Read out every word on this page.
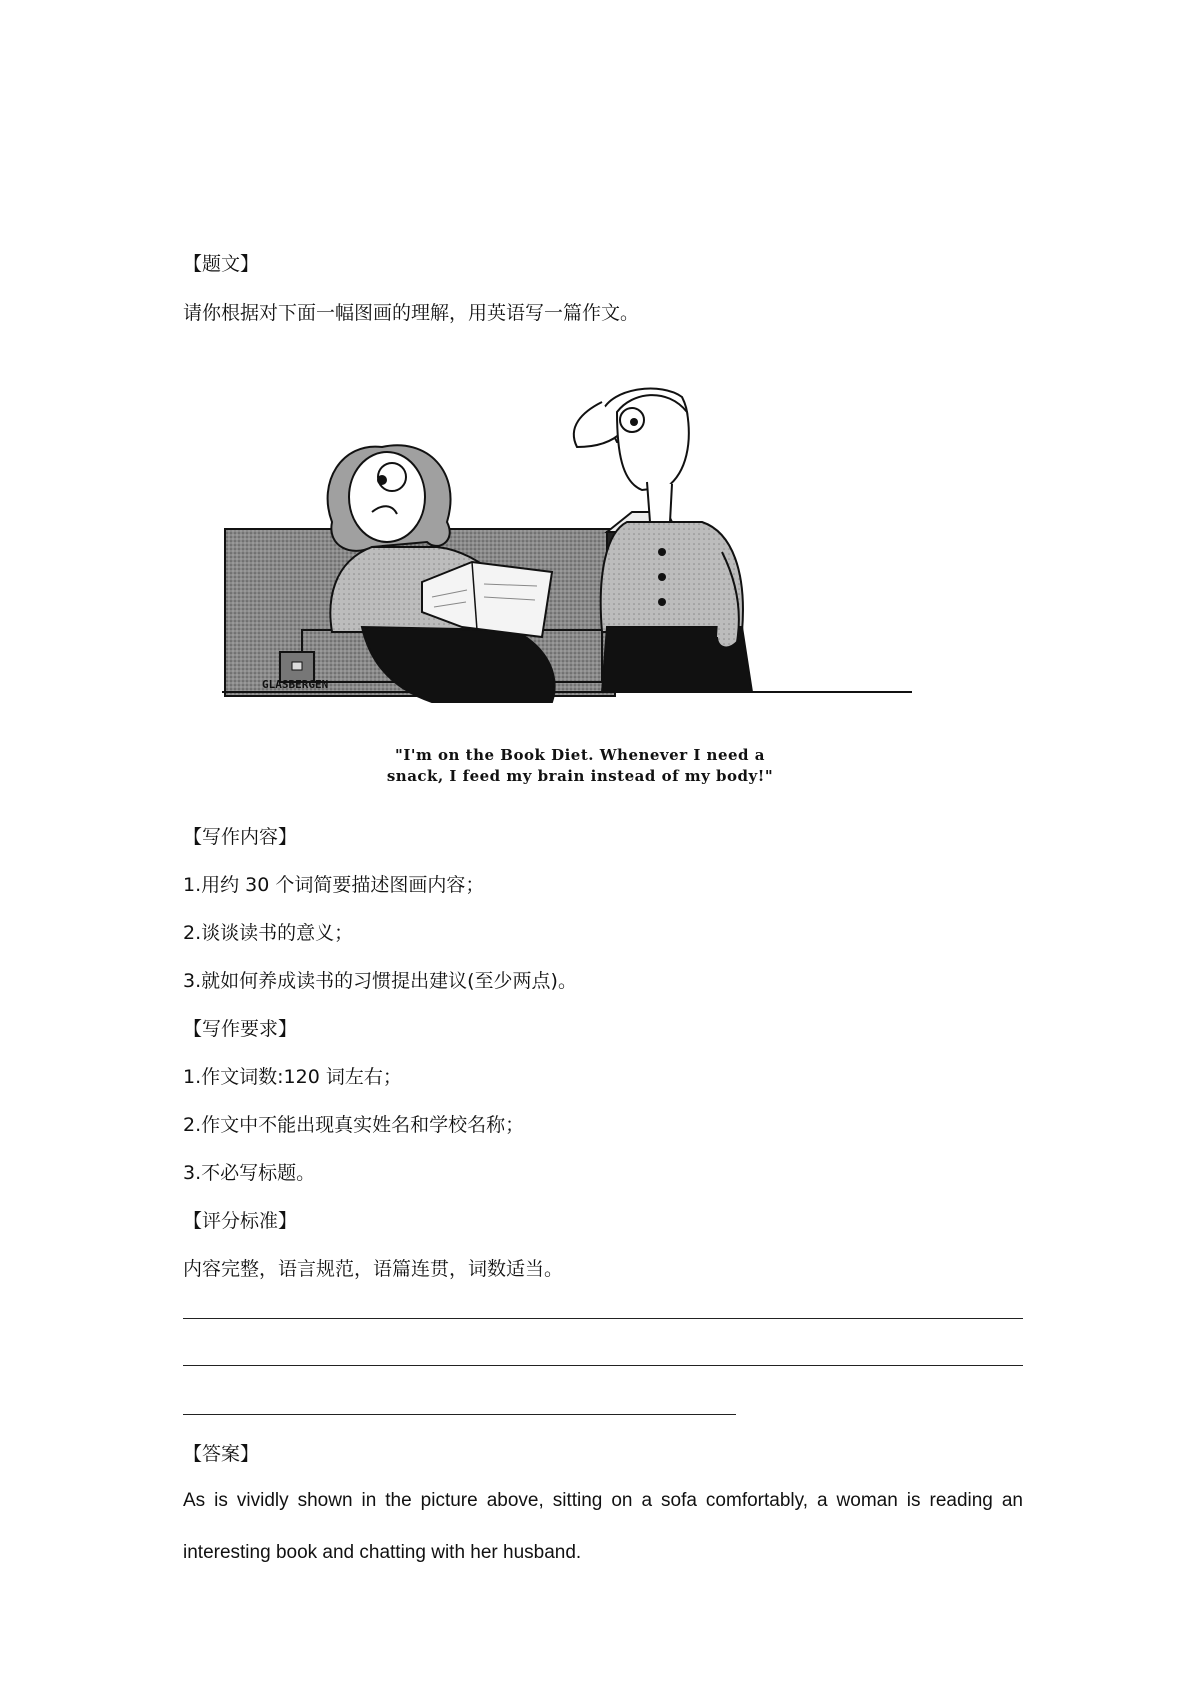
【题文】
请你根据对下面一幅图画的理解，用英语写一篇作文。
GLASBERGEN
"I'm on the Book Diet. Whenever I need a
snack, I feed my brain instead of my body!"
【写作内容】
1.用约 30 个词简要描述图画内容；
2.谈谈读书的意义；
3.就如何养成读书的习惯提出建议(至少两点)。
【写作要求】
1.作文词数:120 词左右；
2.作文中不能出现真实姓名和学校名称；
3.不必写标题。
【评分标准】
内容完整，语言规范，语篇连贯，词数适当。
【答案】
As is vividly shown in the picture above, sitting on a sofa comfortably, a woman is reading an interesting book and chatting with her husband.
